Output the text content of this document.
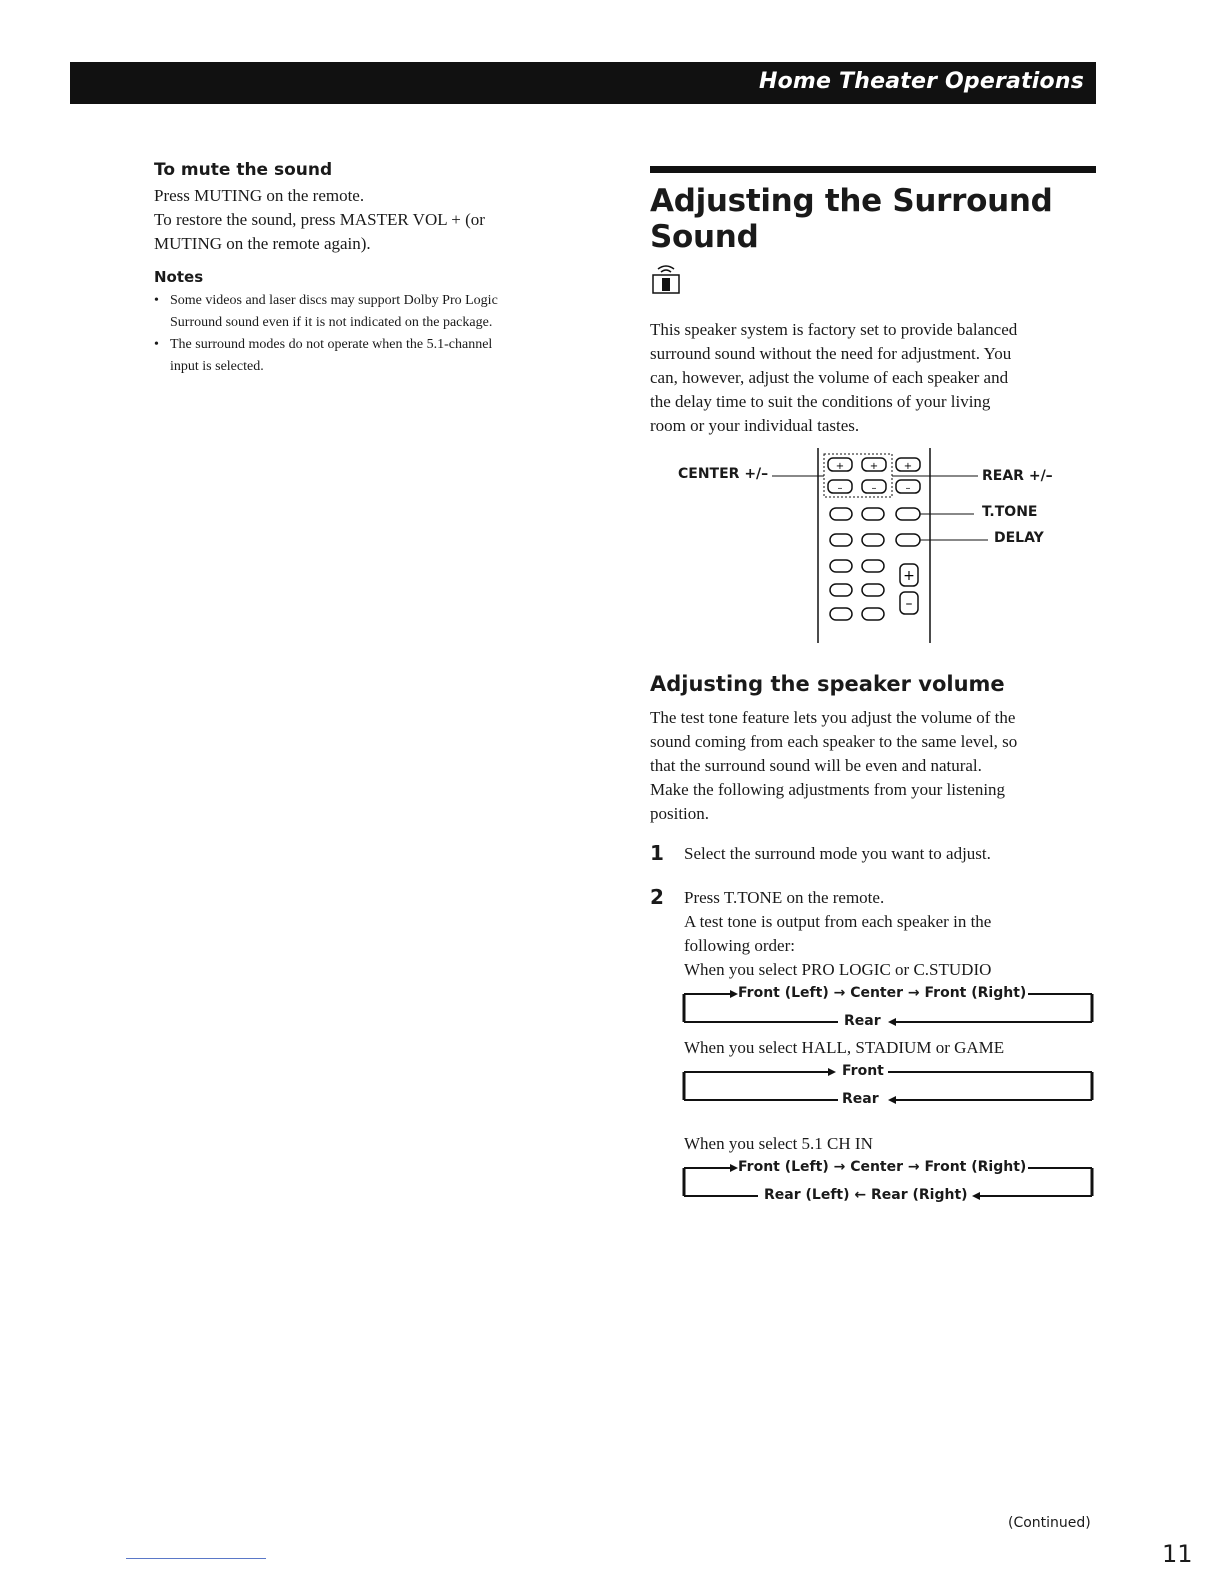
Home Theater Operations
To mute the sound

Press MUTING on the remote.

To restore the sound, press MASTER VOL + (or

MUTING on the remote again).

Notes
• Some videos and laser discs may support Dolby Pro Logic
Surround sound even if it is not indicated on the package.
• The surround modes do not operate when the 5.1-channel
input is selected.
Adjusting the Surround Sound

This speaker system is factory set to provide balanced

surround sound without the need for adjustment. You

can, however, adjust the volume of each speaker and

the delay time to suit the conditions of your living

room or your individual tastes.

+	+	+
–	–	–
+
–
CENTER +/–	REAR +/–
T.TONE
DELAY
Adjusting the speaker volume

The test tone feature lets you adjust the volume of the

sound coming from each speaker to the same level, so

that the surround sound will be even and natural.

Make the following adjustments from your listening

position.

1 Select the surround mode you want to adjust.

2 Press T.TONE on the remote.

A test tone is output from each speaker in the

following order:

When you select PRO LOGIC or C.STUDIO

Front (Left) → Center → Front (Right)
Rear

When you select HALL, STADIUM or GAME

Front
Rear

When you select 5.1 CH IN

Front (Left) → Center → Front (Right)
Rear (Left) ← Rear (Right)
(Continued)
11
